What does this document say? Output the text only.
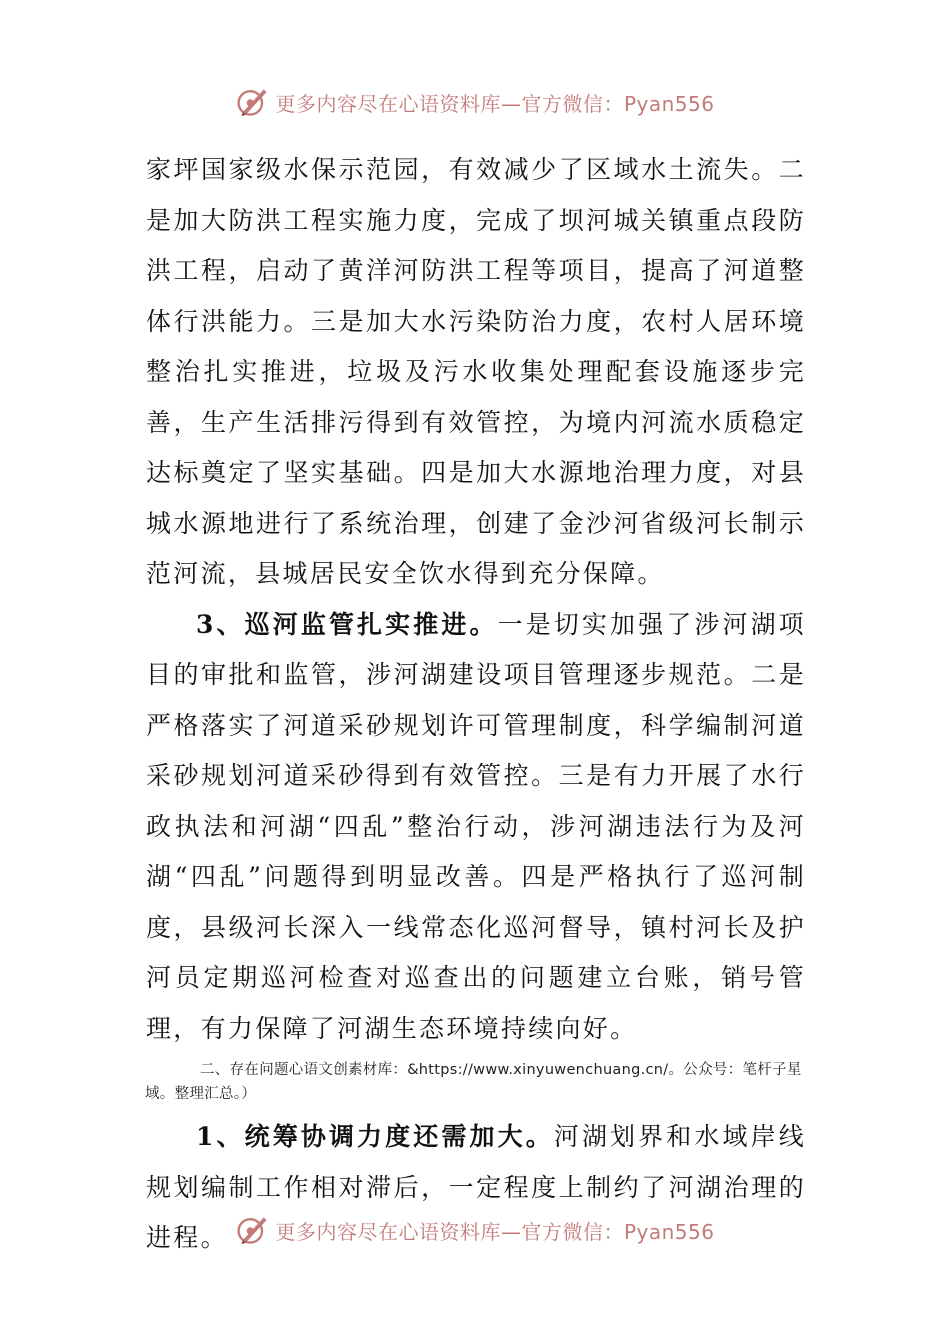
更多内容尽在心语资料库—官方微信：Pyan556

家坪国家级水保示范园，有效减少了区域水土流失。二是加大防洪工程实施力度，完成了坝河城关镇重点段防洪工程，启动了黄洋河防洪工程等项目，提高了河道整体行洪能力。三是加大水污染防治力度，农村人居环境整治扎实推进，垃圾及污水收集处理配套设施逐步完善，生产生活排污得到有效管控，为境内河流水质稳定达标奠定了坚实基础。四是加大水源地治理力度，对县城水源地进行了系统治理，创建了金沙河省级河长制示范河流，县城居民安全饮水得到充分保障。

3、巡河监管扎实推进。一是切实加强了涉河湖项目的审批和监管，涉河湖建设项目管理逐步规范。二是严格落实了河道采砂规划许可管理制度，科学编制河道采砂规划河道采砂得到有效管控。三是有力开展了水行政执法和河湖“四乱”整治行动，涉河湖违法行为及河湖“四乱”问题得到明显改善。四是严格执行了巡河制度，县级河长深入一线常态化巡河督导，镇村河长及护河员定期巡河检查对巡查出的问题建立台账，销号管理，有力保障了河湖生态环境持续向好。

二、存在问题心语文创素材库：&https://www.xinyuwenchuang.cn/。公众号：笔杆子星域。整理汇总。）

1、统筹协调力度还需加大。河湖划界和水域岸线规划编制工作相对滞后，一定程度上制约了河湖治理的进程。	更多内容尽在心语资料库—官方微信：Pyan556
